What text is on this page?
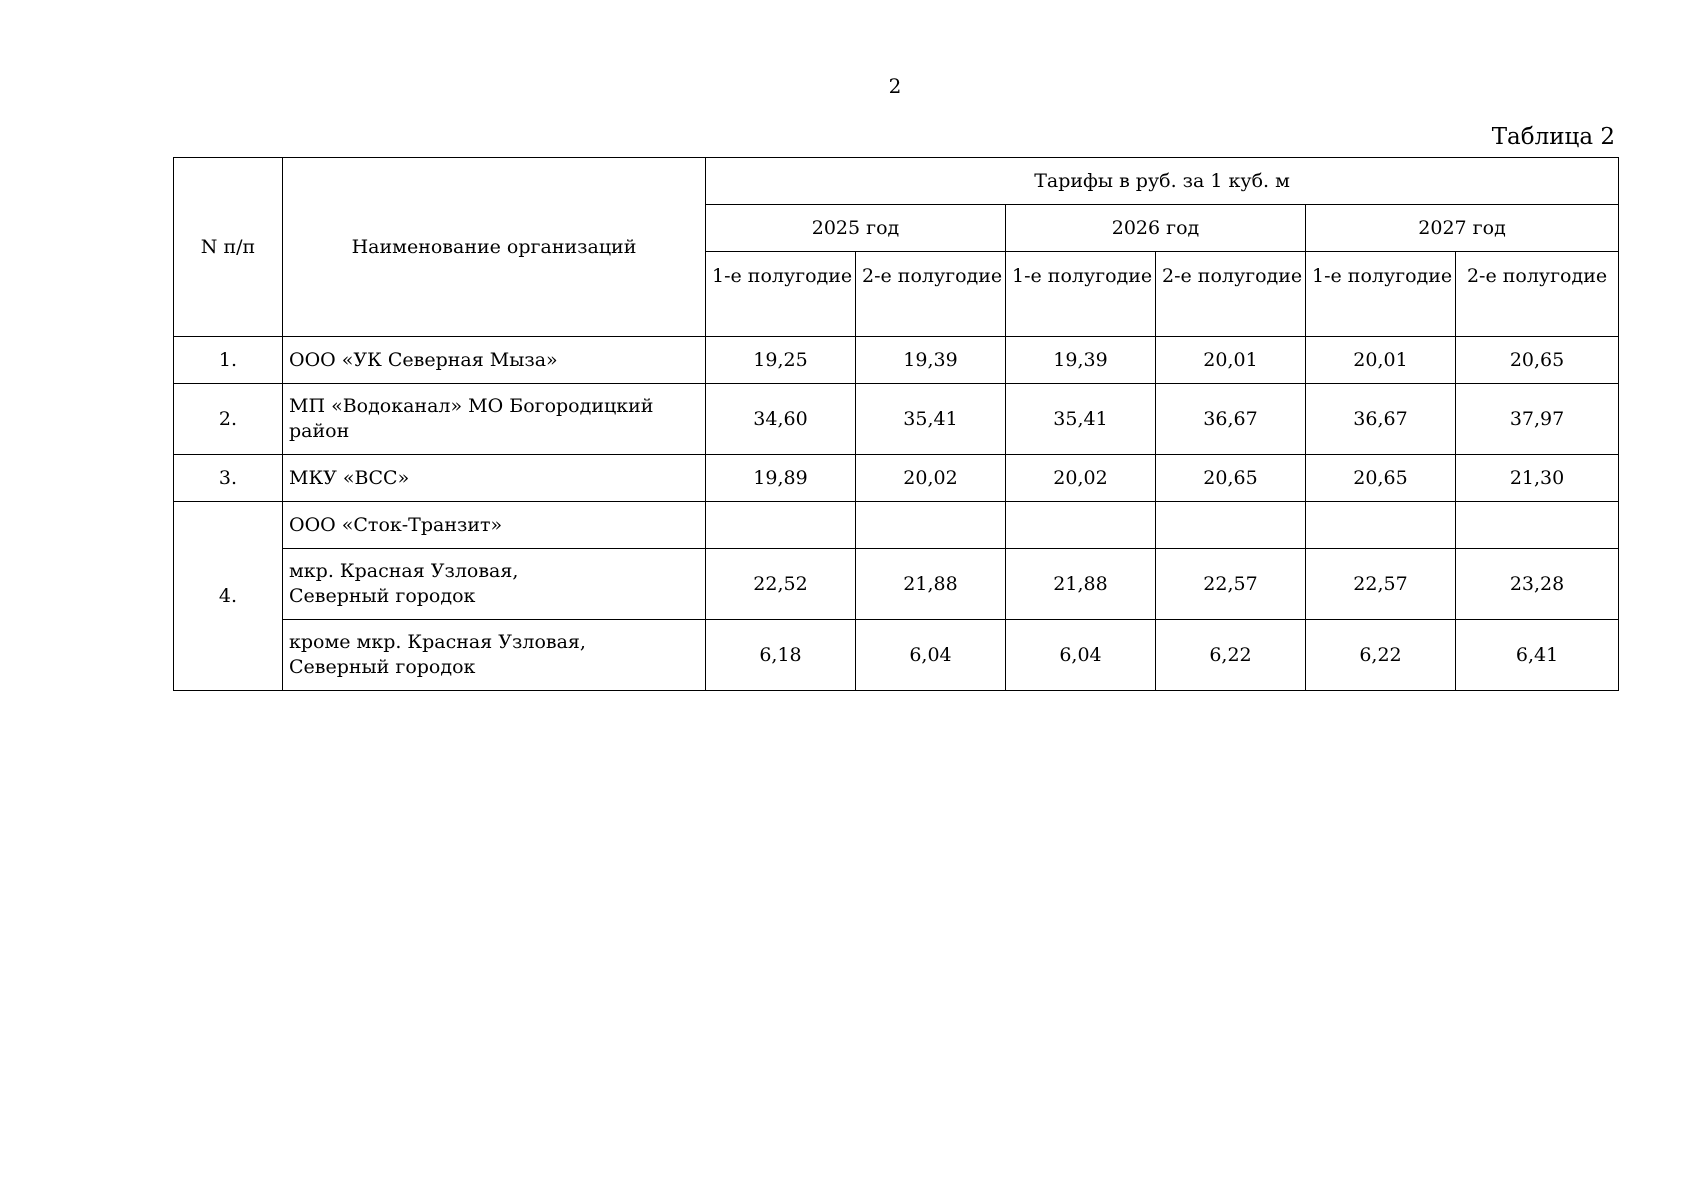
2
Таблица 2
N п/п	Наименование организаций	Тарифы в руб. за 1 куб. м					
		2025 год		2026 год		2027 год	
		1-е полугодие	2-е полугодие	1-е полугодие	2-е полугодие	1-е полугодие	2-е полугодие
1.	ООО «УК Северная Мыза»	19,25	19,39	19,39	20,01	20,01	20,65
2.	МП «Водоканал» МО Богородицкий
район	34,60	35,41	35,41	36,67	36,67	37,97
3.	МКУ «ВСС»	19,89	20,02	20,02	20,65	20,65	21,30
4.	ООО «Сток-Транзит»						

	мкр. Красная Узловая,
Северный городок	22,52	21,88	21,88	22,57	22,57	23,28

	кроме мкр. Красная Узловая,
Северный городок	6,18	6,04	6,04	6,22	6,22	6,41
